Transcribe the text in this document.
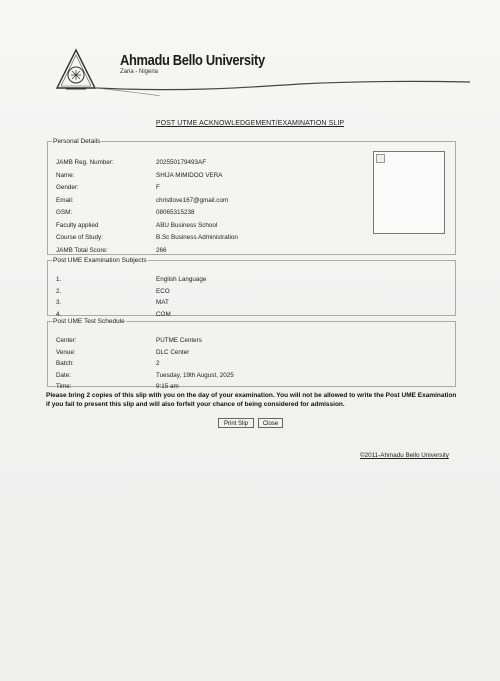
Ahmadu Bello University
Zaria - Nigeria
POST UTME ACKNOWLEDGEMENT/EXAMINATION SLIP
Personal Details
JAMB Reg. Number:	202550179493AF
Name:	SHIJA MIMIDOO VERA
Gender:	F
Email:	christlove167@gmail.com
GSM:	08065315238
Faculty applied	ABU Business School
Course of Study:	B.Sc Business Administration
JAMB Total Score:	266
Post UME Examination Subjects
1.	English Language
2.	ECO
3.	MAT
4.	COM
Post UME Test Schedule
Center:	PUTME Centers
Venue:	DLC Center
Batch:	2
Date:	Tuesday, 19th August, 2025
Time:	9:15 am
Please bring 2 copies of this slip with you on the day of your examination. You will not be allowed to write the Post UME Examination if you fail to present this slip and will also forfeit your chance of being considered for admission.
Print Slip	Close
©2011-Ahmadu Bello University
